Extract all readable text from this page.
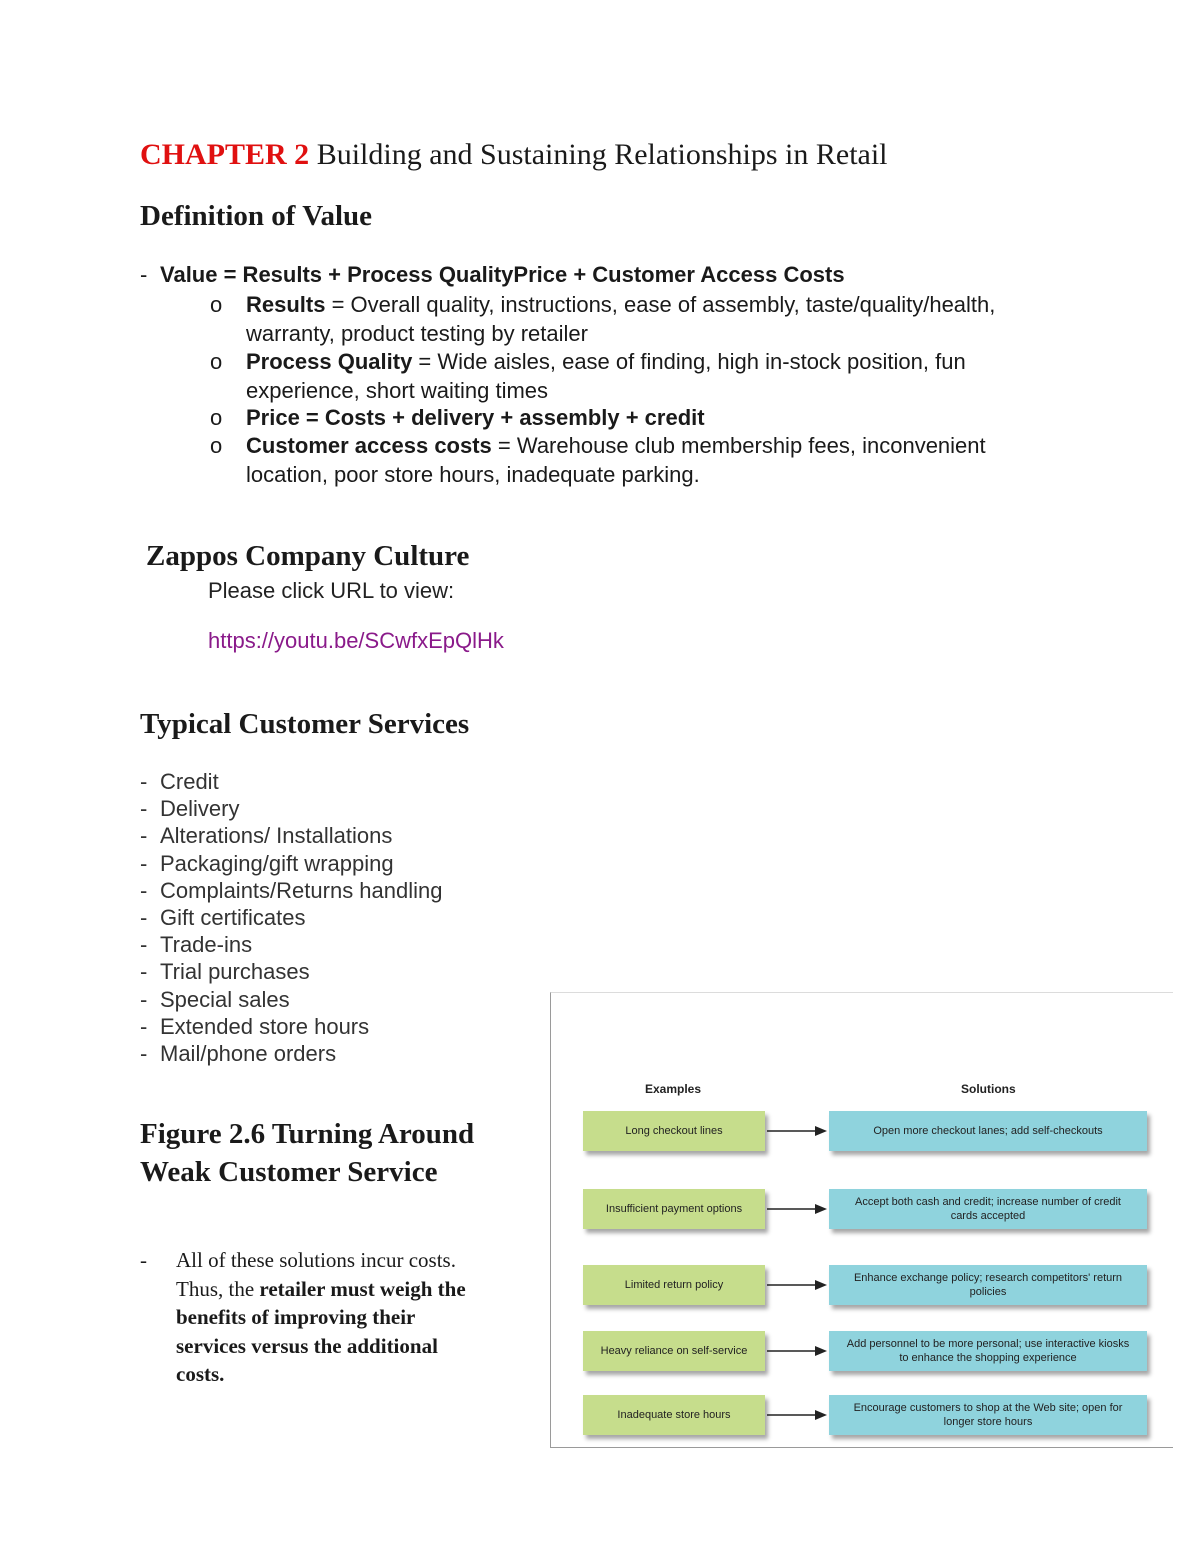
CHAPTER 2 Building and Sustaining Relationships in Retail
Definition of Value
- Value = Results + Process QualityPrice + Customer Access Costs
o Results = Overall quality, instructions, ease of assembly, taste/quality/health, warranty, product testing by retailer
o Process Quality = Wide aisles, ease of finding, high in-stock position, fun experience, short waiting times
o Price = Costs + delivery + assembly + credit
o Customer access costs = Warehouse club membership fees, inconvenient location, poor store hours, inadequate parking.
Zappos Company Culture
Please click URL to view:
https://youtu.be/SCwfxEpQlHk
Typical Customer Services
- Credit
- Delivery
- Alterations/ Installations
- Packaging/gift wrapping
- Complaints/Returns handling
- Gift certificates
- Trade-ins
- Trial purchases
- Special sales
- Extended store hours
- Mail/phone orders
Figure 2.6 Turning Around
Weak Customer Service
- All of these solutions incur costs.
Thus, the retailer must weigh the
benefits of improving their
services versus the additional
costs.
Examples	Solutions
Long checkout lines	Open more checkout lanes; add self-checkouts
Insufficient payment options
Accept both cash and credit; increase number of credit cards accepted
Limited return policy
Enhance exchange policy; research competitors' return policies
Heavy reliance on self-service
Add personnel to be more personal; use interactive kiosks to enhance the shopping experience
Inadequate store hours
Encourage customers to shop at the Web site; open for longer store hours
